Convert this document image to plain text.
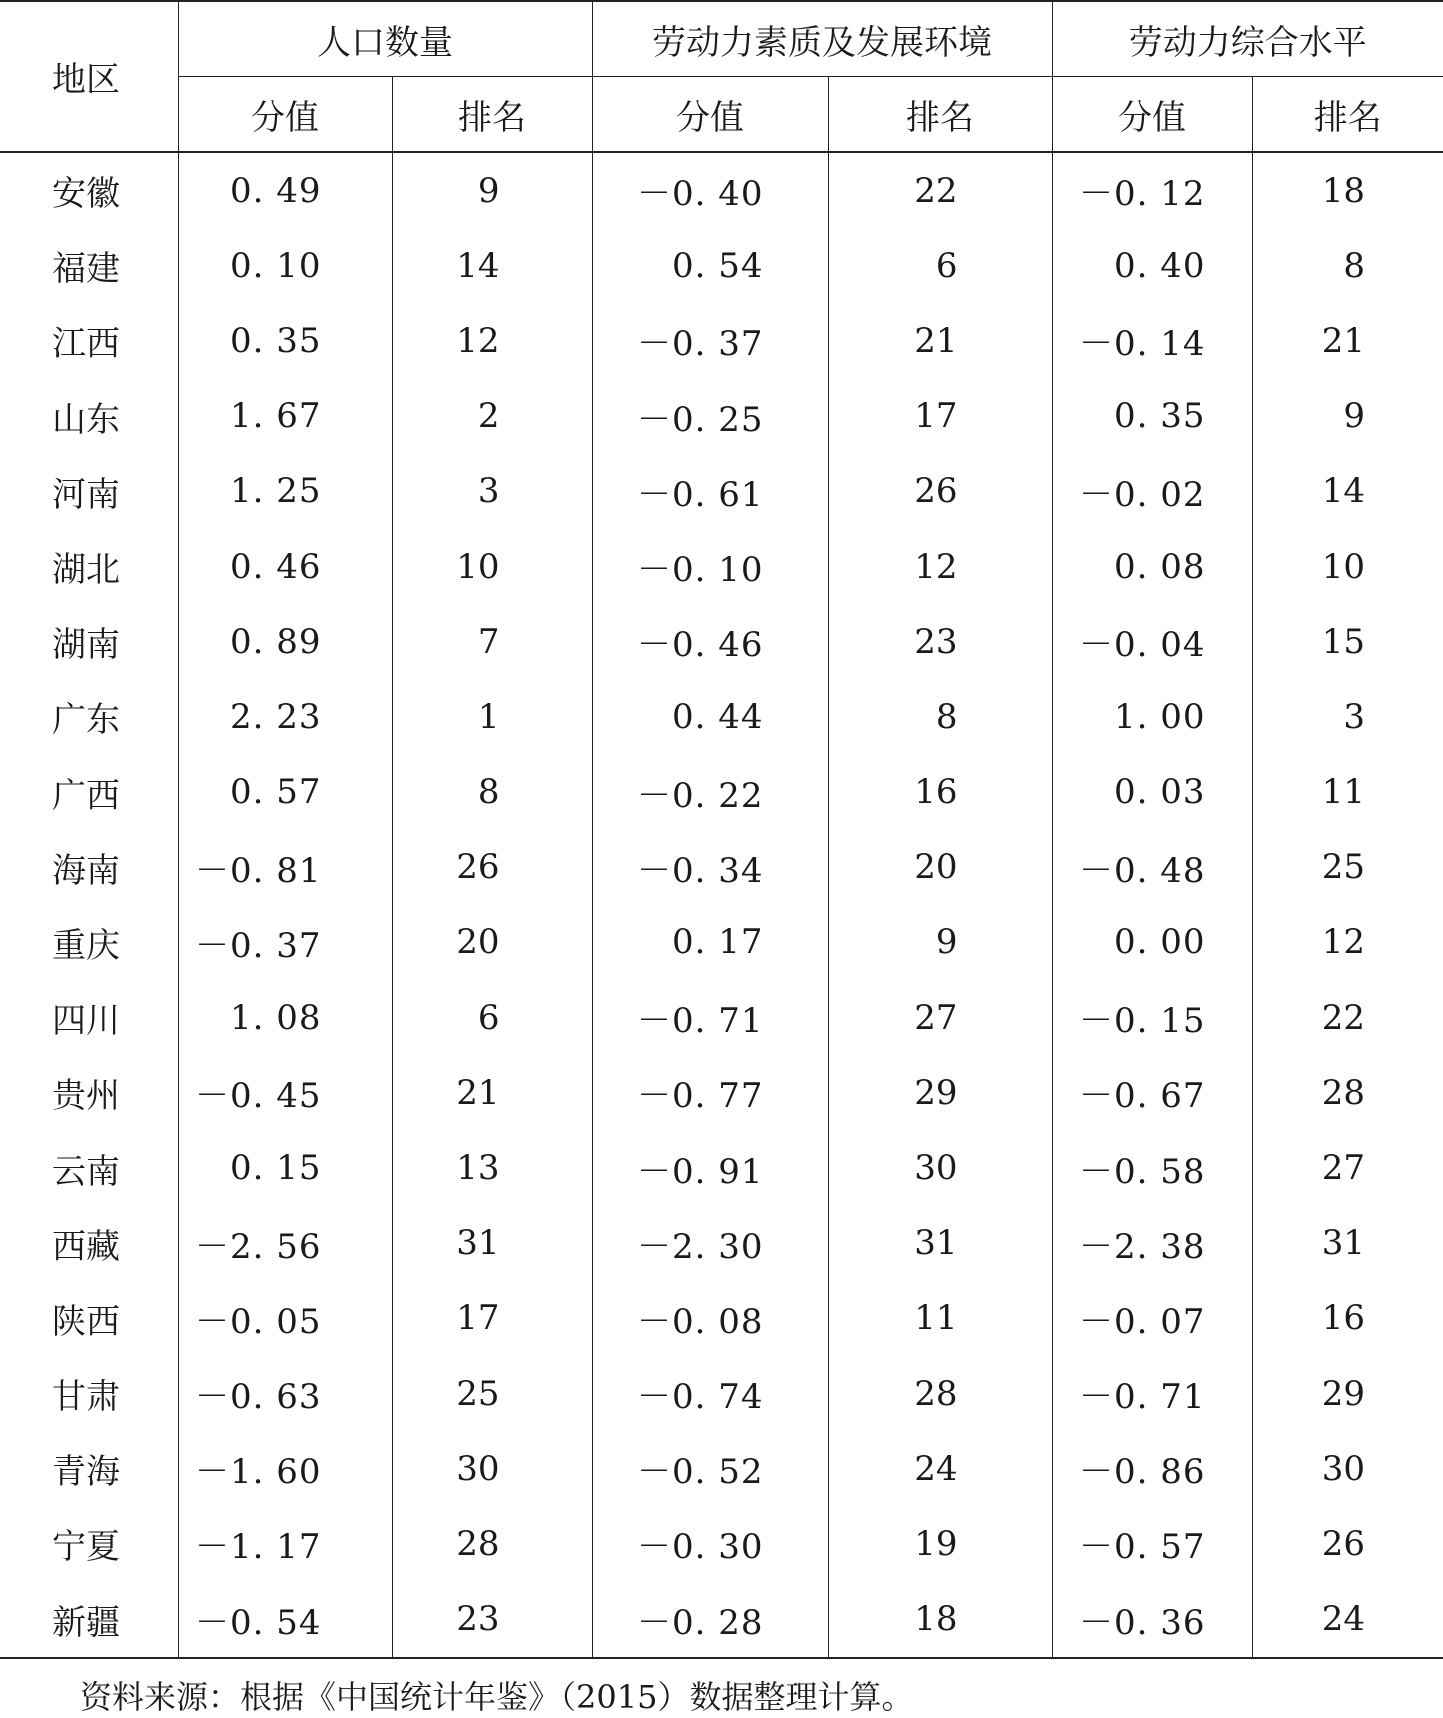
地区	人口数量		劳动力素质及发展环境		劳动力综合水平	
	分值	排名	分值	排名	分值	排名
安徽	0. 49	9	－0. 40	22	－0. 12	18
福建	0. 10	14	0. 54	6	0. 40	8
江西	0. 35	12	－0. 37	21	－0. 14	21
山东	1. 67	2	－0. 25	17	0. 35	9
河南	1. 25	3	－0. 61	26	－0. 02	14
湖北	0. 46	10	－0. 10	12	0. 08	10
湖南	0. 89	7	－0. 46	23	－0. 04	15
广东	2. 23	1	0. 44	8	1. 00	3
广西	0. 57	8	－0. 22	16	0. 03	11
海南	－0. 81	26	－0. 34	20	－0. 48	25
重庆	－0. 37	20	0. 17	9	0. 00	12
四川	1. 08	6	－0. 71	27	－0. 15	22
贵州	－0. 45	21	－0. 77	29	－0. 67	28
云南	0. 15	13	－0. 91	30	－0. 58	27
西藏	－2. 56	31	－2. 30	31	－2. 38	31
陕西	－0. 05	17	－0. 08	11	－0. 07	16
甘肃	－0. 63	25	－0. 74	28	－0. 71	29
青海	－1. 60	30	－0. 52	24	－0. 86	30
宁夏	－1. 17	28	－0. 30	19	－0. 57	26
新疆	－0. 54	23	－0. 28	18	－0. 36	24
资料来源：根据《中国统计年鉴》（2015）数据整理计算。
